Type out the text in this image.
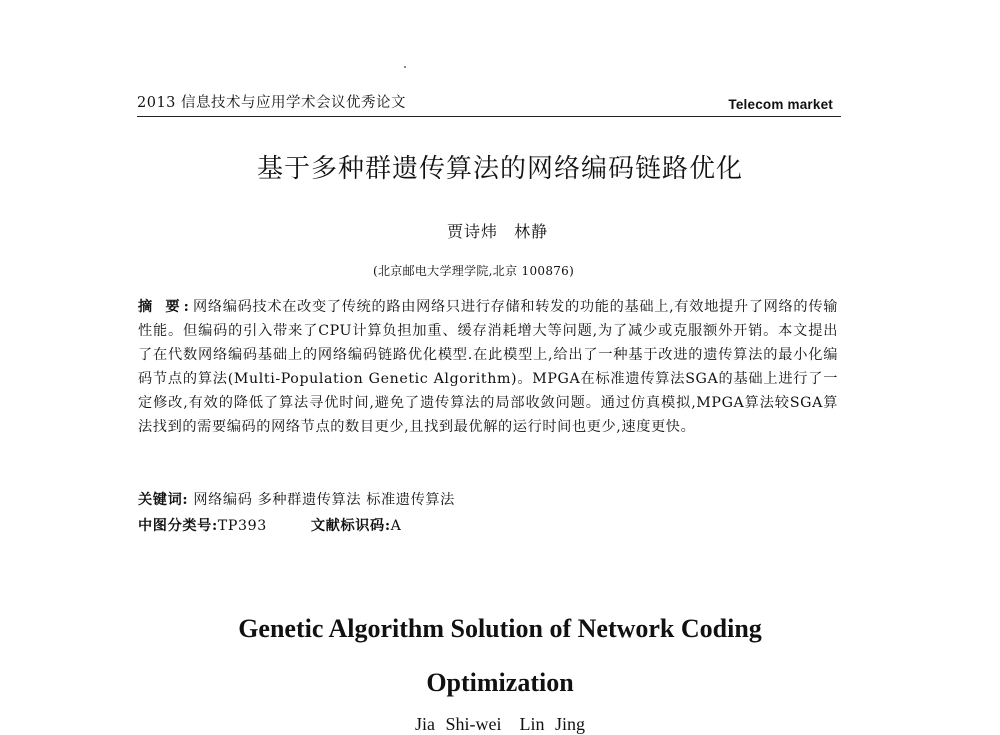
2013 信息技术与应用学术会议优秀论文	Telecom market
基于多种群遗传算法的网络编码链路优化
贾诗炜 林静
(北京邮电大学理学院,北京 100876)
摘 要:网络编码技术在改变了传统的路由网络只进行存储和转发的功能的基础上,有效地提升了网络的传输性能。但编码的引入带来了CPU计算负担加重、缓存消耗增大等问题,为了减少或克服额外开销。本文提出了在代数网络编码基础上的网络编码链路优化模型.在此模型上,给出了一种基于改进的遗传算法的最小化编码节点的算法(Multi-Population Genetic Algorithm)。MPGA在标准遗传算法SGA的基础上进行了一定修改,有效的降低了算法寻优时间,避免了遗传算法的局部收敛问题。通过仿真模拟,MPGA算法较SGA算法找到的需要编码的网络节点的数目更少,且找到最优解的运行时间也更少,速度更快。
关键词: 网络编码 多种群遗传算法 标准遗传算法
中图分类号:TP393	文献标识码:A
Genetic Algorithm Solution of Network Coding
Optimization
Jia Shi-wei Lin Jing
